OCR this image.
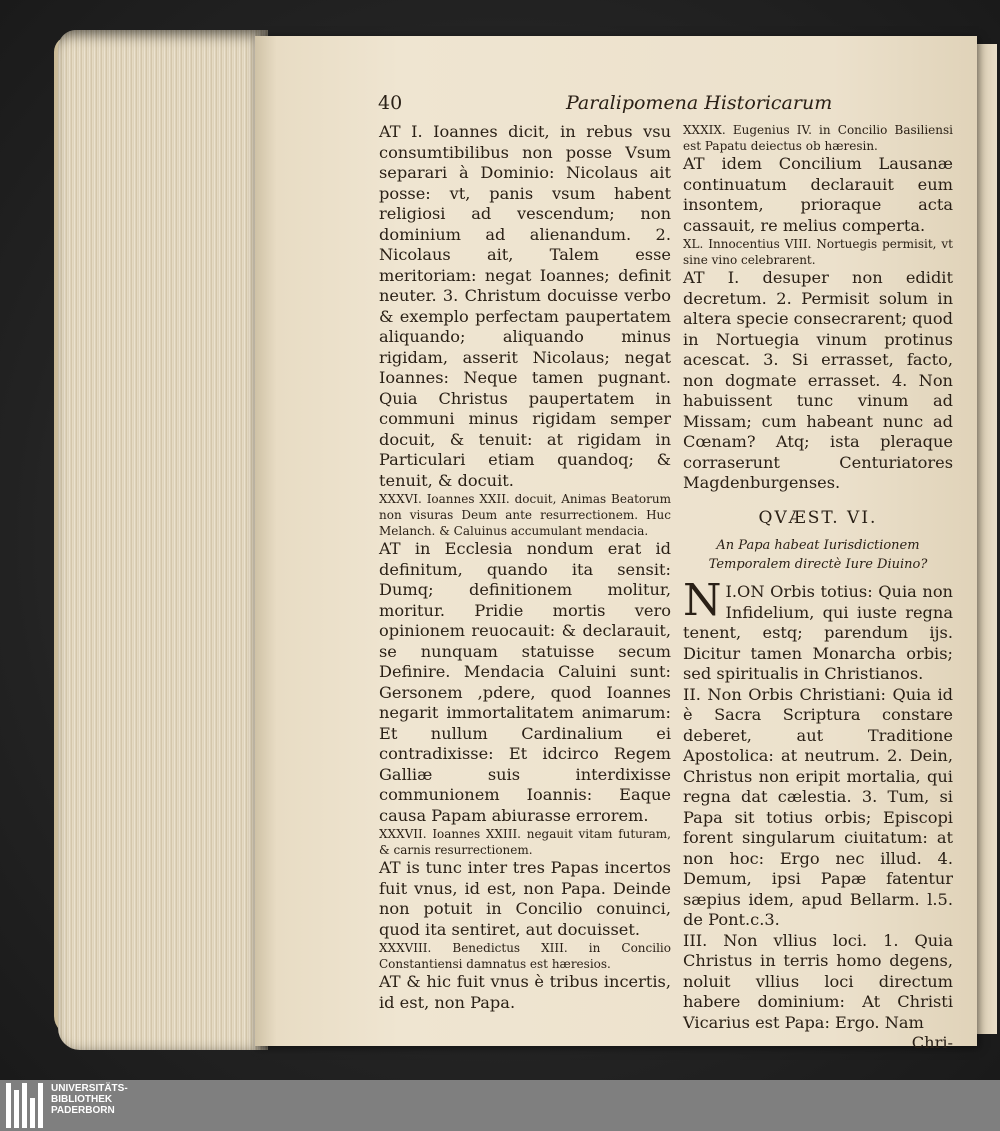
40	Paralipomena Historicarum

AT I. Ioannes dicit, in rebus vsu consumtibilibus non posse Vsum separari à Dominio: Nicolaus ait posse: vt, panis vsum habent religiosi ad vescendum; non dominium ad alienandum. 2. Nicolaus ait, Talem esse meritoriam: negat Ioannes; definit neuter. 3. Christum docuisse verbo & exemplo perfectam paupertatem aliquando; aliquando minus rigidam, asserit Nicolaus; negat Ioannes: Neque tamen pugnant. Quia Christus paupertatem in communi minus rigidam semper docuit, & tenuit: at rigidam in Particulari etiam quandoq; & tenuit, & docuit.

XXXVI. Ioannes XXII. docuit, Animas Beatorum non visuras Deum ante resurrectionem. Huc Melanch. & Caluinus accumulant mendacia.

AT in Ecclesia nondum erat id definitum, quando ita sensit: Dumq; definitionem molitur, moritur. Pridie mortis vero opinionem reuocauit: & declarauit, se nunquam statuisse secum Definire. Mendacia Caluini sunt: Gersonem ,pdere, quod Ioannes negarit immortalitatem animarum: Et nullum Cardinalium ei contradixisse: Et idcirco Regem Galliæ suis interdixisse communionem Ioannis: Eaque causa Papam abiurasse errorem.

XXXVII. Ioannes XXIII. negauit vitam futuram, & carnis resurrectionem.

AT is tunc inter tres Papas incertos fuit vnus, id est, non Papa. Deinde non potuit in Concilio conuinci, quod ita sentiret, aut docuisset.

XXXVIII. Benedictus XIII. in Concilio Constantiensi damnatus est hæresios.

AT & hic fuit vnus è tribus incertis, id est, non Papa.

XXXIX. Eugenius IV. in Concilio Basiliensi est Papatu deiectus ob hæresin.

AT idem Concilium Lausanæ continuatum declarauit eum insontem, prioraque acta cassauit, re melius comperta.

XL. Innocentius VIII. Nortuegis permisit, vt sine vino celebrarent.

AT I. desuper non edidit decretum. 2. Permisit solum in altera specie consecrarent; quod in Nortuegia vinum protinus acescat. 3. Si errasset, facto, non dogmate errasset. 4. Non habuissent tunc vinum ad Missam; cum habeant nunc ad Cœnam? Atq; ista pleraque corraserunt Centuriatores Magdenburgenses.

QVÆST. VI.

An Papa habeat Iurisdictionem Temporalem directè Iure Diuino?

I.
N ON Orbis totius: Quia non Infidelium, qui iuste regna tenent, estq; parendum ijs. Dicitur tamen Monarcha orbis; sed spiritualis in Christianos.

II. Non Orbis Christiani: Quia id è Sacra Scriptura constare deberet, aut Traditione Apostolica: at neutrum. 2. Dein, Christus non eripit mortalia, qui regna dat cælestia. 3. Tum, si Papa sit totius orbis; Episcopi forent singularum ciuitatum: at non hoc: Ergo nec illud. 4. Demum, ipsi Papæ fatentur sæpius idem, apud Bellarm. l.5. de Pont.c.3.

III. Non vllius loci. 1. Quia Christus in terris homo degens, noluit vllius loci directum habere dominium: At Christi Vicarius est Papa: Ergo. Nam

Chri-

UNIVERSITÄTS-
BIBLIOTHEK
PADERBORN
